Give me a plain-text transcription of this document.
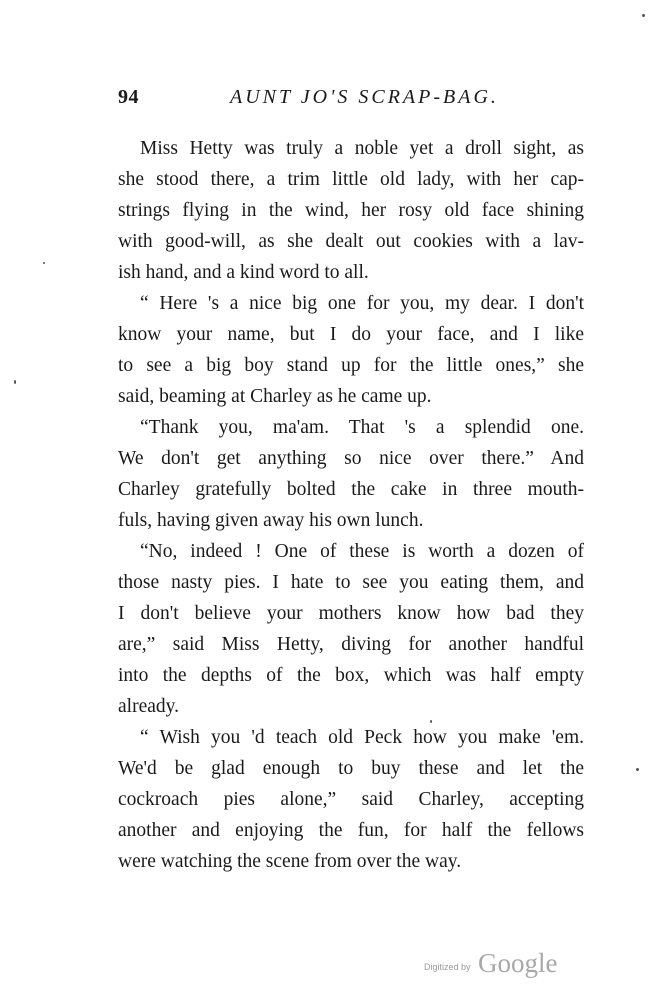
94	AUNT JO'S SCRAP-BAG.

Miss Hetty was truly a noble yet a droll sight, as
she stood there, a trim little old lady, with her cap-
strings flying in the wind, her rosy old face shining
with good-will, as she dealt out cookies with a lav-
ish hand, and a kind word to all.

“ Here 's a nice big one for you, my dear. I don't
know your name, but I do your face, and I like
to see a big boy stand up for the little ones,” she
said, beaming at Charley as he came up.

“Thank you, ma'am. That 's a splendid one.
We don't get anything so nice over there.” And
Charley gratefully bolted the cake in three mouth-
fuls, having given away his own lunch.

“No, indeed ! One of these is worth a dozen of
those nasty pies. I hate to see you eating them, and
I don't believe your mothers know how bad they
are,” said Miss Hetty, diving for another handful
into the depths of the box, which was half empty
already.

“ Wish you 'd teach old Peck how you make 'em.
We'd be glad enough to buy these and let the
cockroach pies alone,” said Charley, accepting
another and enjoying the fun, for half the fellows
were watching the scene from over the way.

Digitized by Google
